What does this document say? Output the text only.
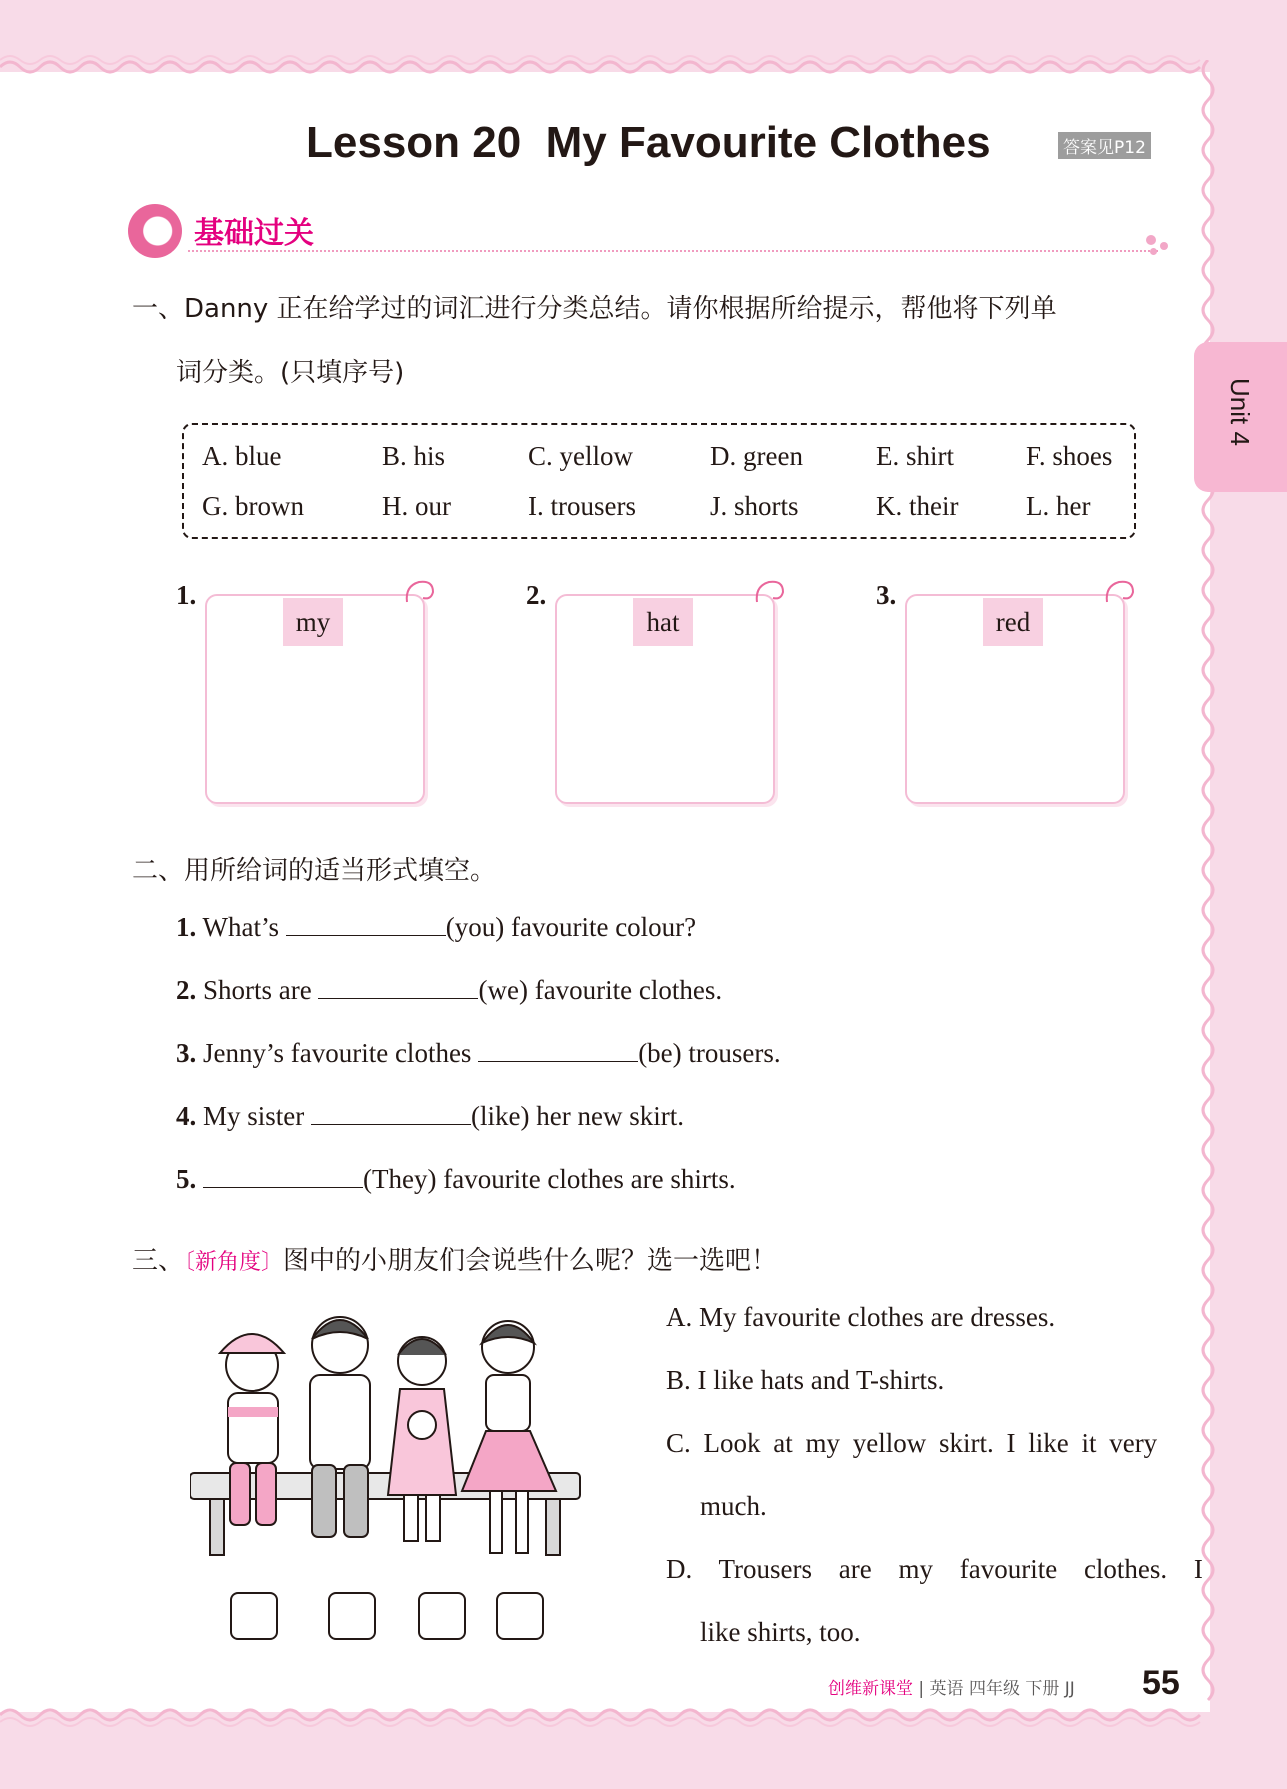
Lesson 20  My Favourite Clothes	答案见P12
Unit 4
基础过关
一、Danny 正在给学过的词汇进行分类总结。请你根据所给提示，帮他将下列单
词分类。(只填序号)
A. blue	B. his	C. yellow	D. green	E. shirt	F. shoes
G. brown	H. our	I. trousers	J. shorts	K. their	L. her
1.
my
2.
hat
3.
red
二、用所给词的适当形式填空。
1. What’s	(you) favourite colour?
2. Shorts are	(we) favourite clothes.
3. Jenny’s favourite clothes	(be) trousers.
4. My sister	(like) her new skirt.
5.	(They) favourite clothes are shirts.
三、〔新角度〕图中的小朋友们会说些什么呢？选一选吧！
A. My favourite clothes are dresses.
B. I like hats and T-shirts.
C. Look at my yellow skirt. I like it very
much.
D. Trousers are my favourite clothes. I
like shirts, too.
创维新课堂 | 英语 四年级 下册 JJ 55
